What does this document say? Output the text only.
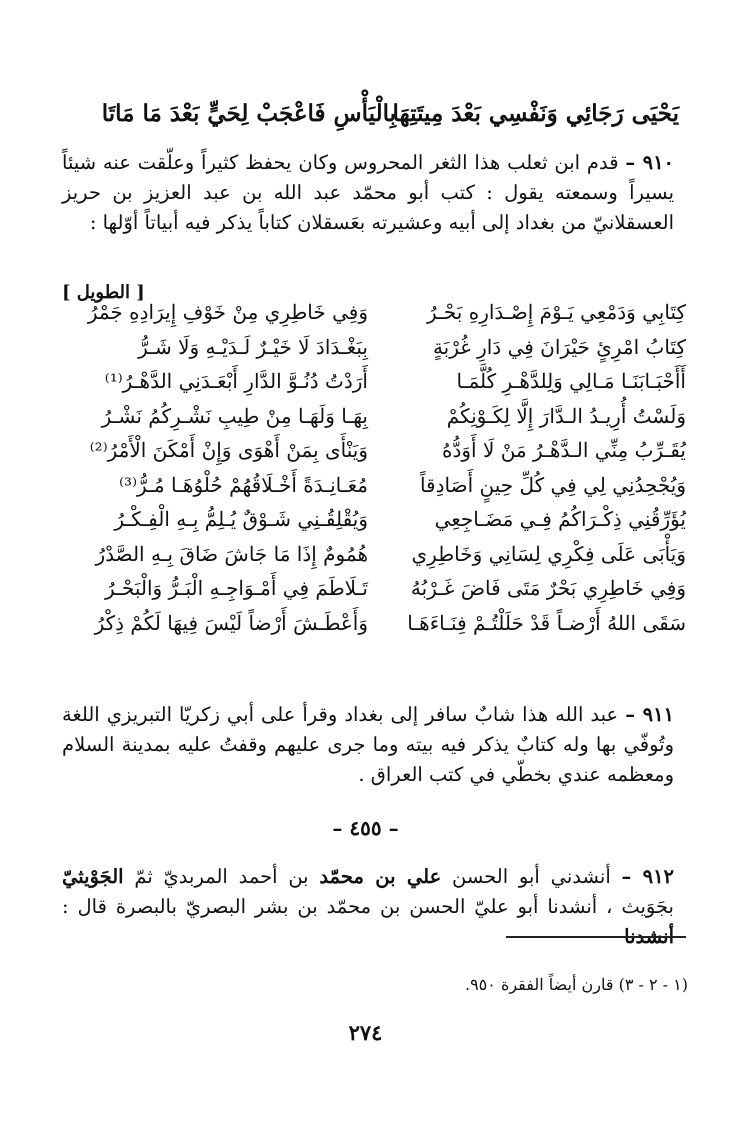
يَحْيَى رَجَائِي وَنَفْسِي بَعْدَ مِيتَتِهَا
بِالْيَأْسِ فَاعْجَبْ لِحَيٍّ بَعْدَ مَا مَاتَا
٩١٠ – قدم ابن ثعلب هذا الثغر المحروس وكان يحفظ كثيراً وعلّقت عنه شيئاً يسيراً وسمعته يقول : كتب أبو محمّد عبد الله بن عبد العزيز بن حريز العسقلانيّ من بغداد إلى أبيه وعشيرته بعَسقلان كتاباً يذكر فيه أبياتاً أوّلها :
[ الطويل ]
كِتَابِي وَدَمْعِي يَـوْمَ إِصْـدَارِهِ بَحْـرُ
وَفِي خَاطِرِي مِنْ خَوْفِ إِيرَادِهِ جَمْرُ
كِتَابُ امْرِئٍ حَيْرَانَ فِي دَارِ غُرْبَةٍ
بِبَغْـدَادَ لَا خَيْـرٌ لَـدَيْـهِ وَلَا شَـرُّ
أَأَحْبَـابَنَـا مَـالِي وَلِلدَّهْـرِ كُلَّمَـا
أَرَدْتُ دُنُـوَّ الدَّارِ أَبْعَـدَنِي الدَّهْـرُ⁽¹⁾
وَلَسْتُ أُرِيـدُ الـدَّارَ إِلَّا لِكَـوْنِكُمْ
بِهَـا وَلَهَـا مِنْ طِيبِ نَشْـرِكُمُ نَشْـرُ
يُقَـرِّبُ مِنِّي الـدَّهْـرُ مَنْ لَا أَوَدُّهُ
وَيَنْأَى بِمَنْ أَهْوَى وَإِنْ أَمْكَنَ الْأَمْرُ⁽²⁾
وَيُجْحِدُنِي لِي فِي كُلِّ حِينٍ أَصَادِقاً
مُعَـانِـدَةً أَخْـلَاقُهُمْ حُلْوُهَـا مُـرُّ⁽³⁾
يُؤَرِّقُنِي ذِكْـرَاكُمُ فِـي مَضَـاجِعِي
وَيُقْلِقُـنِي شَـوْقٌ يُـلِمُّ بِـهِ الْفِـكْـرُ
وَيَأْبَى عَلَى فِكْرِي لِسَانِي وَخَاطِرِي
هُمُومٌ إِذَا مَا جَاشَ ضَاقَ بِـهِ الصَّدْرُ
وَفِي خَاطِرِي بَحْرٌ مَتَى فَاضَ غَـرْبُهُ
تَـلَاطَمَ فِي أَمْـوَاجِـهِ الْبَـرُّ وَالْبَحْـرُ
سَقَى اللهُ أَرْضـاً قَدْ حَلَلْتُـمْ فِنَـاءَهَـا
وَأَعْطَـشَ أَرْضاً لَيْسَ فِيهَا لَكُمْ ذِكْرُ
٩١١ – عبد الله هذا شابٌ سافر إلى بغداد وقرأ على أبي زكريّا التبريزي اللغة وتُوفّي بها وله كتابٌ يذكر فيه بيته وما جرى عليهم وقفتُ عليه بمدينة السلام ومعظمه عندي بخطّي في كتب العراق .
– ٤٥٥ –
٩١٢ – أنشدني أبو الحسن علي بن محمّد بن أحمد المربديّ ثمّ الجَوْيثيّ بجَوَيث ، أنشدنا أبو عليّ الحسن بن محمّد بن بشر البصريّ بالبصرة قال : أنشدنا
(١ - ٢ - ٣) قارن أيضاً الفقرة ٩٥٠.
٢٧٤
